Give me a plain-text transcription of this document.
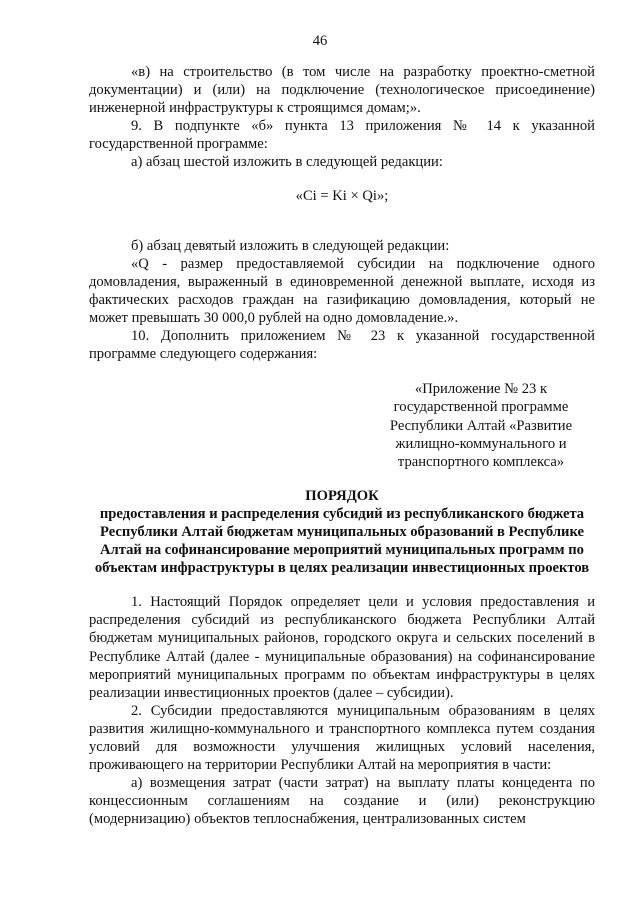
46

«в) на строительство (в том числе на разработку проектно-сметной документации) и (или) на подключение (технологическое присоединение) инженерной инфраструктуры к строящимся домам;».

9. В подпункте «б» пункта 13 приложения № 14 к указанной государственной программе:

а) абзац шестой изложить в следующей редакции:

«Ci = Ki × Qi»;

б) абзац девятый изложить в следующей редакции:

«Q - размер предоставляемой субсидии на подключение одного домовладения, выраженный в единовременной денежной выплате, исходя из фактических расходов граждан на газификацию домовладения, который не может превышать 30 000,0 рублей на одно домовладение.».

10. Дополнить приложением № 23 к указанной государственной программе следующего содержания:

«Приложение № 23 к государственной программе Республики Алтай «Развитие жилищно-коммунального и транспортного комплекса»

ПОРЯДОК

предоставления и распределения субсидий из республиканского бюджета Республики Алтай бюджетам муниципальных образований в Республике Алтай на софинансирование мероприятий муниципальных программ по объектам инфраструктуры в целях реализации инвестиционных проектов

1. Настоящий Порядок определяет цели и условия предоставления и распределения субсидий из республиканского бюджета Республики Алтай бюджетам муниципальных районов, городского округа и сельских поселений в Республике Алтай (далее - муниципальные образования) на софинансирование мероприятий муниципальных программ по объектам инфраструктуры в целях реализации инвестиционных проектов (далее – субсидии).

2. Субсидии предоставляются муниципальным образованиям в целях развития жилищно-коммунального и транспортного комплекса путем создания условий для возможности улучшения жилищных условий населения, проживающего на территории Республики Алтай на мероприятия в части:

а) возмещения затрат (части затрат) на выплату платы концедента по концессионным соглашениям на создание и (или) реконструкцию (модернизацию) объектов теплоснабжения, централизованных систем
